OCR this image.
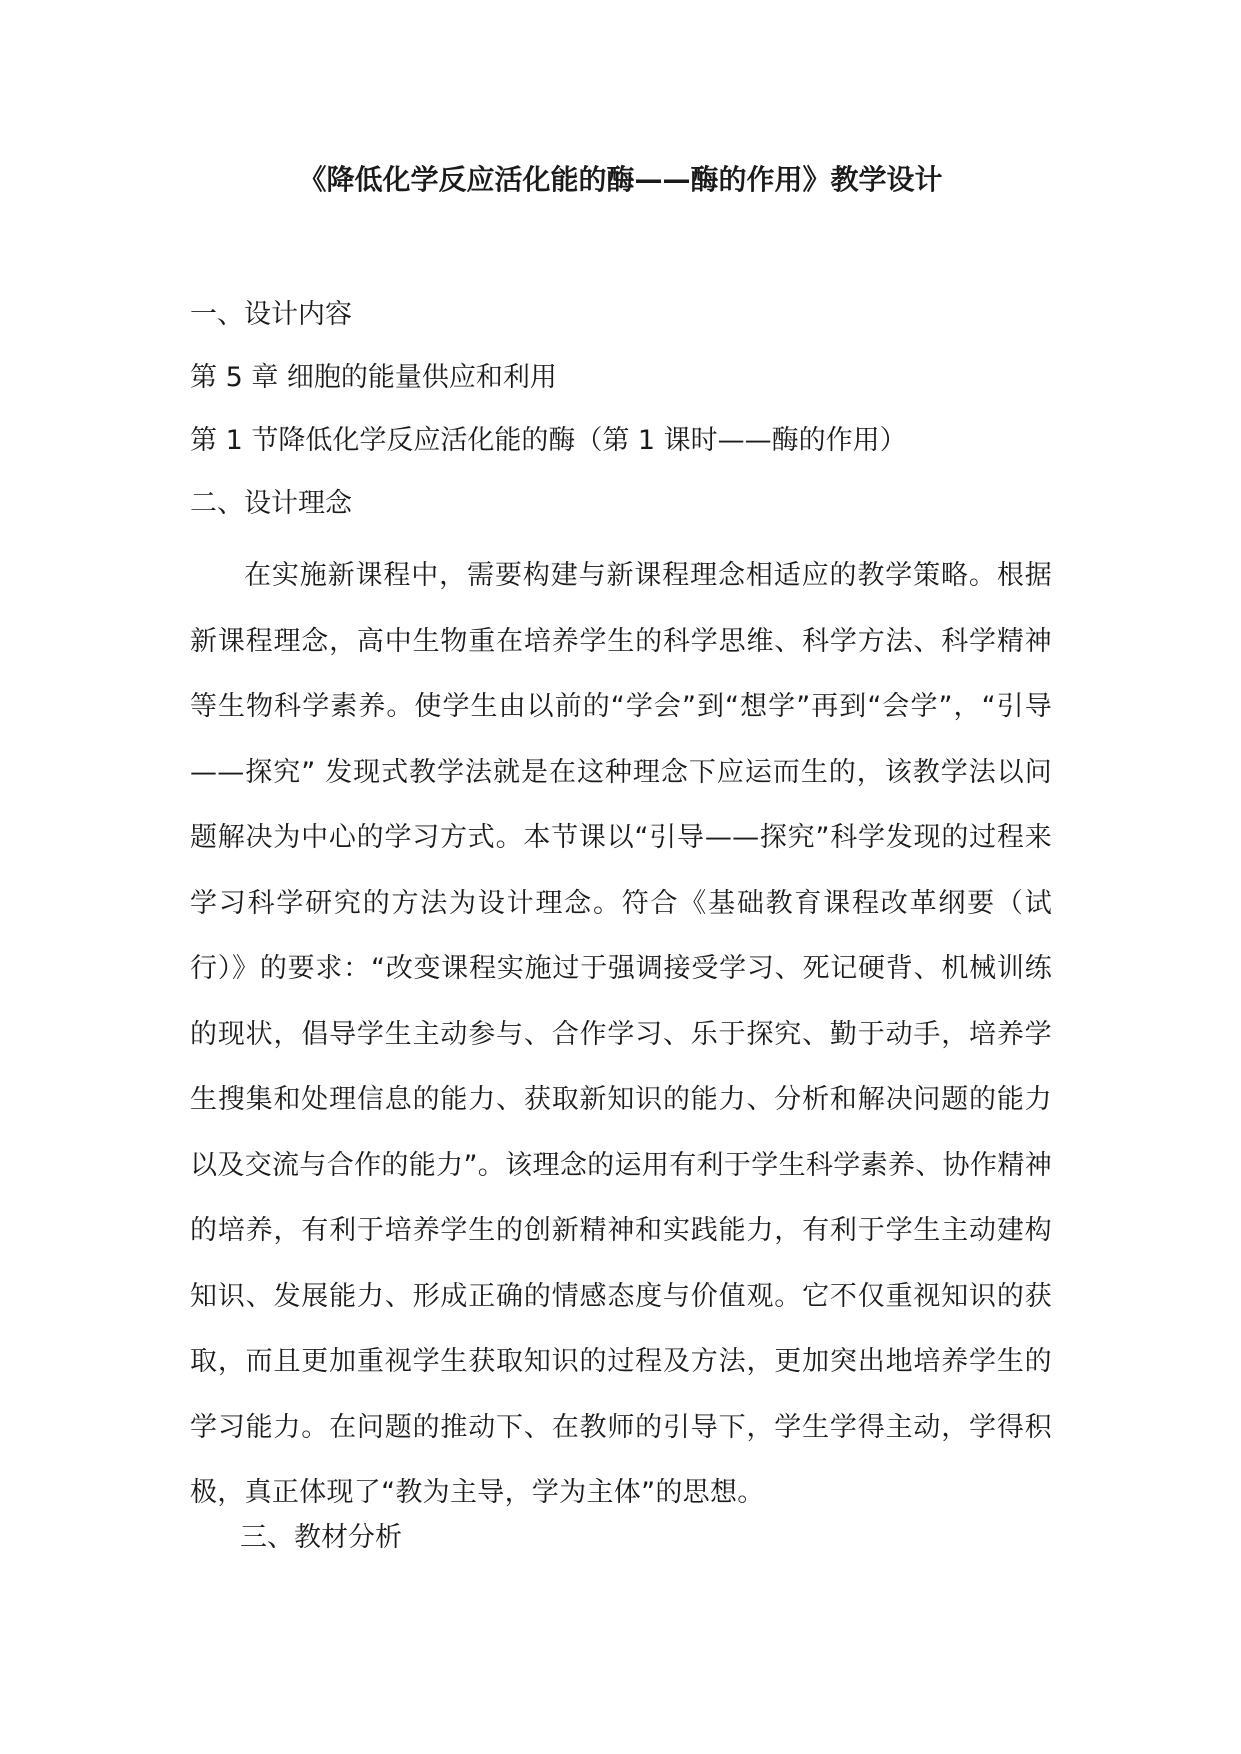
《降低化学反应活化能的酶——酶的作用》教学设计
一、设计内容
第 5 章 细胞的能量供应和利用
第 1 节降低化学反应活化能的酶（第 1 课时——酶的作用）
二、设计理念
在实施新课程中，需要构建与新课程理念相适应的教学策略。根据新课程理念，高中生物重在培养学生的科学思维、科学方法、科学精神等生物科学素养。使学生由以前的“学会”到“想学”再到“会学”，“引导——探究” 发现式教学法就是在这种理念下应运而生的，该教学法以问题解决为中心的学习方式。本节课以“引导——探究”科学发现的过程来学习科学研究的方法为设计理念。符合《基础教育课程改革纲要（试行）》的要求：“改变课程实施过于强调接受学习、死记硬背、机械训练的现状，倡导学生主动参与、合作学习、乐于探究、勤于动手，培养学生搜集和处理信息的能力、获取新知识的能力、分析和解决问题的能力以及交流与合作的能力”。该理念的运用有利于学生科学素养、协作精神的培养，有利于培养学生的创新精神和实践能力，有利于学生主动建构知识、发展能力、形成正确的情感态度与价值观。它不仅重视知识的获取，而且更加重视学生获取知识的过程及方法，更加突出地培养学生的学习能力。在问题的推动下、在教师的引导下，学生学得主动，学得积极，真正体现了“教为主导，学为主体”的思想。
三、教材分析
